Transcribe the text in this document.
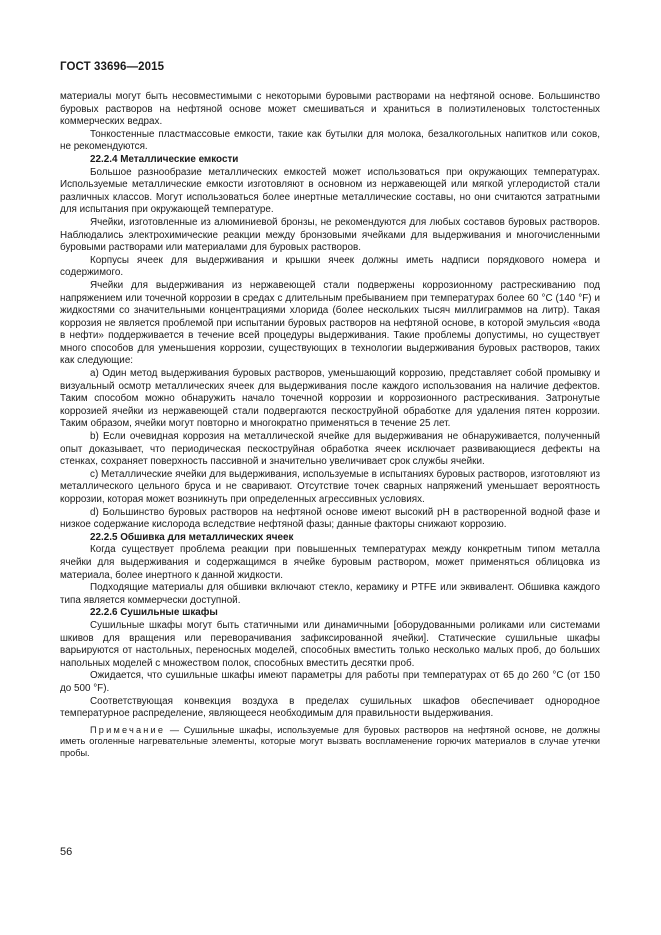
ГОСТ 33696—2015

материалы могут быть несовместимыми с некоторыми буровыми растворами на нефтяной основе. Большинство буровых растворов на нефтяной основе может смешиваться и храниться в полиэтиленовых толстостенных коммерческих ведрах.

Тонкостенные пластмассовые емкости, такие как бутылки для молока, безалкогольных напитков или соков, не рекомендуются.

22.2.4 Металлические емкости

Большое разнообразие металлических емкостей может использоваться при окружающих температурах. Используемые металлические емкости изготовляют в основном из нержавеющей или мягкой углеродистой стали различных классов. Могут использоваться более инертные металлические составы, но они считаются затратными для испытания при окружающей температуре.

Ячейки, изготовленные из алюминиевой бронзы, не рекомендуются для любых составов буровых растворов. Наблюдались электрохимические реакции между бронзовыми ячейками для выдерживания и многочисленными буровыми растворами или материалами для буровых растворов.

Корпусы ячеек для выдерживания и крышки ячеек должны иметь надписи порядкового номера и содержимого.

Ячейки для выдерживания из нержавеющей стали подвержены коррозионному растрескиванию под напряжением или точечной коррозии в средах с длительным пребыванием при температурах более 60 °С (140 °F) и жидкостями со значительными концентрациями хлорида (более нескольких тысяч миллиграммов на литр). Такая коррозия не является проблемой при испытании буровых растворов на нефтяной основе, в которой эмульсия «вода в нефти» поддерживается в течение всей процедуры выдерживания. Такие проблемы допустимы, но существует много способов для уменьшения коррозии, существующих в технологии выдерживания буровых растворов, таких как следующие:

a) Один метод выдерживания буровых растворов, уменьшающий коррозию, представляет собой промывку и визуальный осмотр металлических ячеек для выдерживания после каждого использования на наличие дефектов. Таким способом можно обнаружить начало точечной коррозии и коррозионного растрескивания. Затронутые коррозией ячейки из нержавеющей стали подвергаются пескоструйной обработке для удаления пятен коррозии. Таким образом, ячейки могут повторно и многократно применяться в течение 25 лет.

b) Если очевидная коррозия на металлической ячейке для выдерживания не обнаруживается, полученный опыт доказывает, что периодическая пескоструйная обработка ячеек исключает развивающиеся дефекты на стенках, сохраняет поверхность пассивной и значительно увеличивает срок службы ячейки.

c) Металлические ячейки для выдерживания, используемые в испытаниях буровых растворов, изготовляют из металлического цельного бруса и не сваривают. Отсутствие точек сварных напряжений уменьшает вероятность коррозии, которая может возникнуть при определенных агрессивных условиях.

d) Большинство буровых растворов на нефтяной основе имеют высокий рН в растворенной водной фазе и низкое содержание кислорода вследствие нефтяной фазы; данные факторы снижают коррозию.

22.2.5 Обшивка для металлических ячеек

Когда существует проблема реакции при повышенных температурах между конкретным типом металла ячейки для выдерживания и содержащимся в ячейке буровым раствором, может применяться облицовка из материала, более инертного к данной жидкости.

Подходящие материалы для обшивки включают стекло, керамику и PTFE или эквивалент. Обшивка каждого типа является коммерчески доступной.

22.2.6 Сушильные шкафы

Сушильные шкафы могут быть статичными или динамичными [оборудованными роликами или системами шкивов для вращения или переворачивания зафиксированной ячейки]. Статические сушильные шкафы варьируются от настольных, переносных моделей, способных вместить только несколько малых проб, до больших напольных моделей с множеством полок, способных вместить десятки проб.

Ожидается, что сушильные шкафы имеют параметры для работы при температурах от 65 до 260 °С (от 150 до 500 °F).

Соответствующая конвекция воздуха в пределах сушильных шкафов обеспечивает однородное температурное распределение, являющееся необходимым для правильности выдерживания.

Примечание — Сушильные шкафы, используемые для буровых растворов на нефтяной основе, не должны иметь оголенные нагревательные элементы, которые могут вызвать воспламенение горючих материалов в случае утечки пробы.

56
